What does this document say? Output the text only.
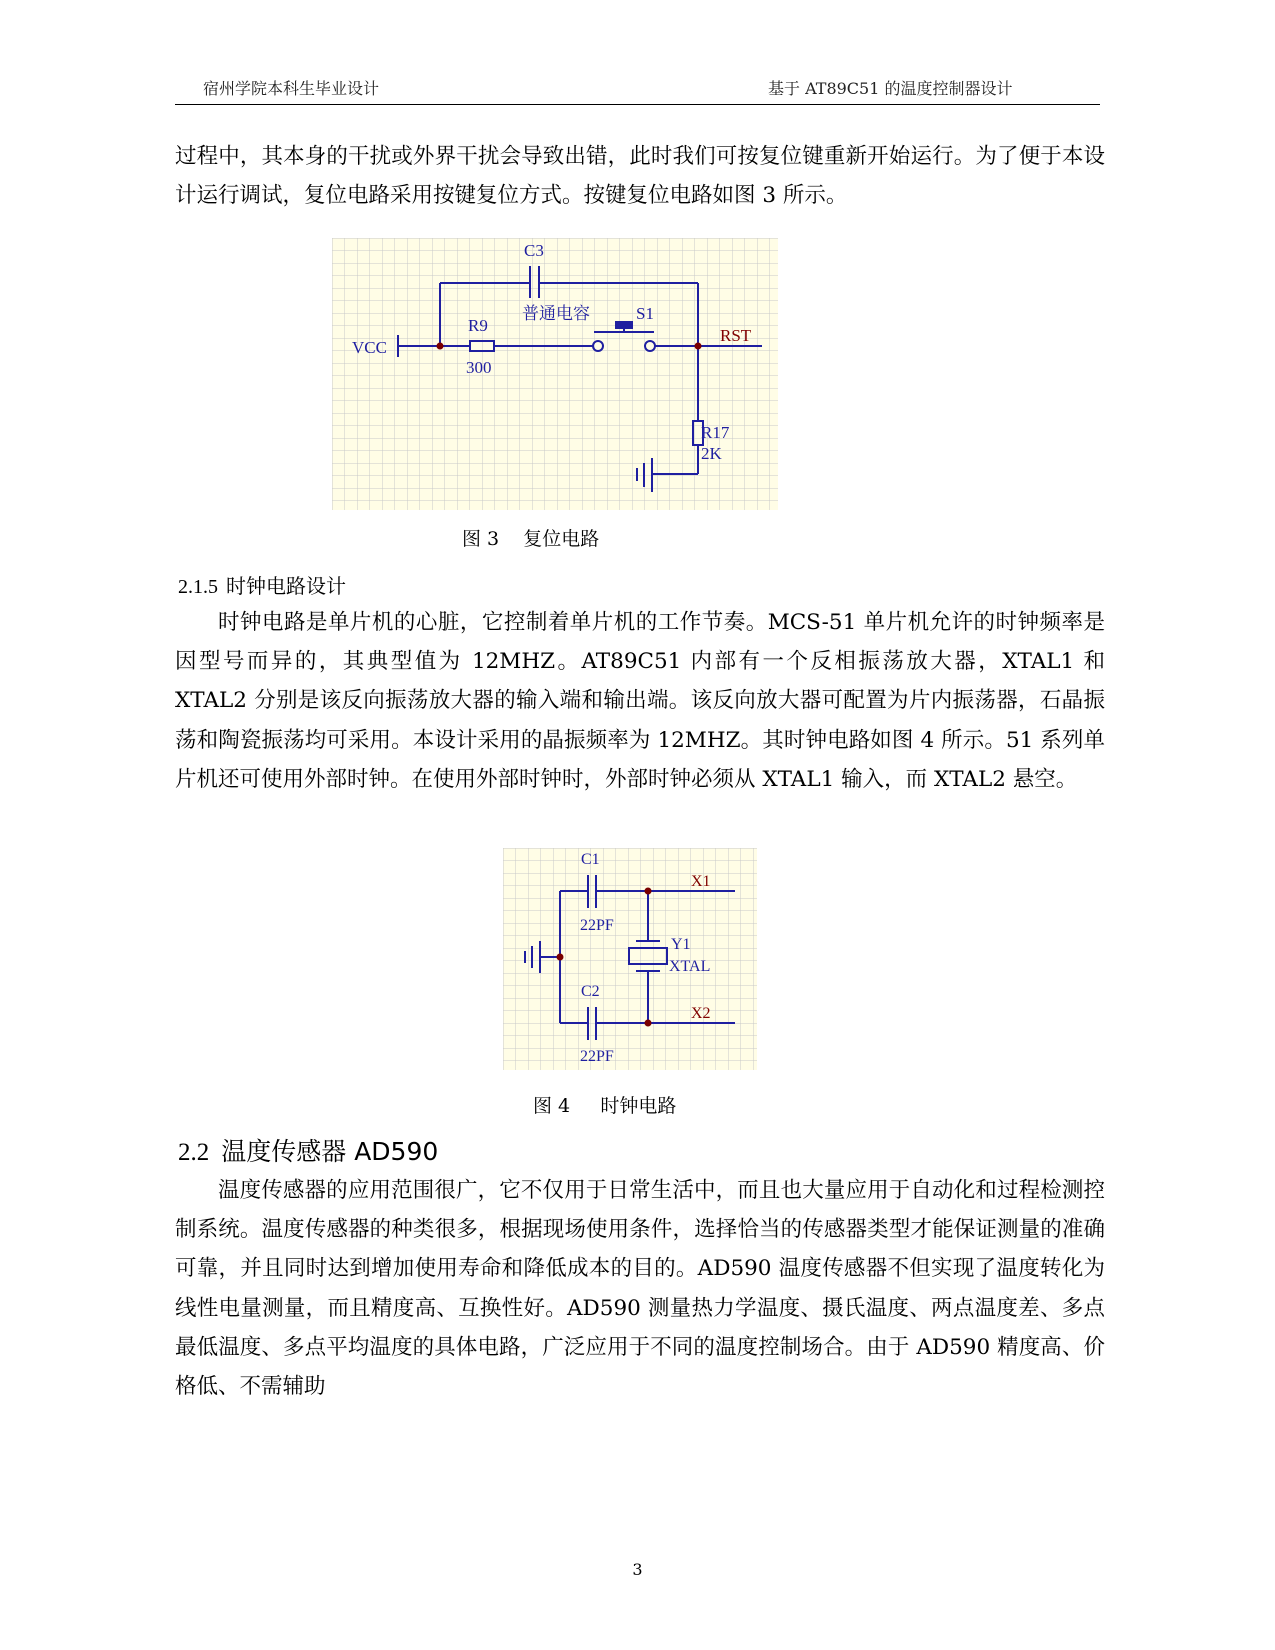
宿州学院本科生毕业设计	基于 AT89C51 的温度控制器设计

过程中，其本身的干扰或外界干扰会导致出错，此时我们可按复位键重新开始运行。为了便于本设计运行调试，复位电路采用按键复位方式。按键复位电路如图 3 所示。

C3
普通电容	S1
R9
300
VCC
RST
R17
2K
图 3    复位电路
2.1.5 时钟电路设计

时钟电路是单片机的心脏，它控制着单片机的工作节奏。MCS-51 单片机允许的时钟频率是因型号而异的，其典型值为 12MHZ。AT89C51 内部有一个反相振荡放大器，XTAL1 和 XTAL2 分别是该反向振荡放大器的输入端和输出端。该反向放大器可配置为片内振荡器，石晶振荡和陶瓷振荡均可采用。本设计采用的晶振频率为 12MHZ。其时钟电路如图 4 所示。51 系列单片机还可使用外部时钟。在使用外部时钟时，外部时钟必须从 XTAL1 输入，而 XTAL2 悬空。

C1
22PF
C2
22PF
Y1
XTAL
X1
X2
图 4     时钟电路
2.2 温度传感器 AD590

温度传感器的应用范围很广，它不仅用于日常生活中，而且也大量应用于自动化和过程检测控制系统。温度传感器的种类很多，根据现场使用条件，选择恰当的传感器类型才能保证测量的准确可靠，并且同时达到增加使用寿命和降低成本的目的。AD590 温度传感器不但实现了温度转化为线性电量测量，而且精度高、互换性好。AD590 测量热力学温度、摄氏温度、两点温度差、多点最低温度、多点平均温度的具体电路，广泛应用于不同的温度控制场合。由于 AD590 精度高、价格低、不需辅助

3
